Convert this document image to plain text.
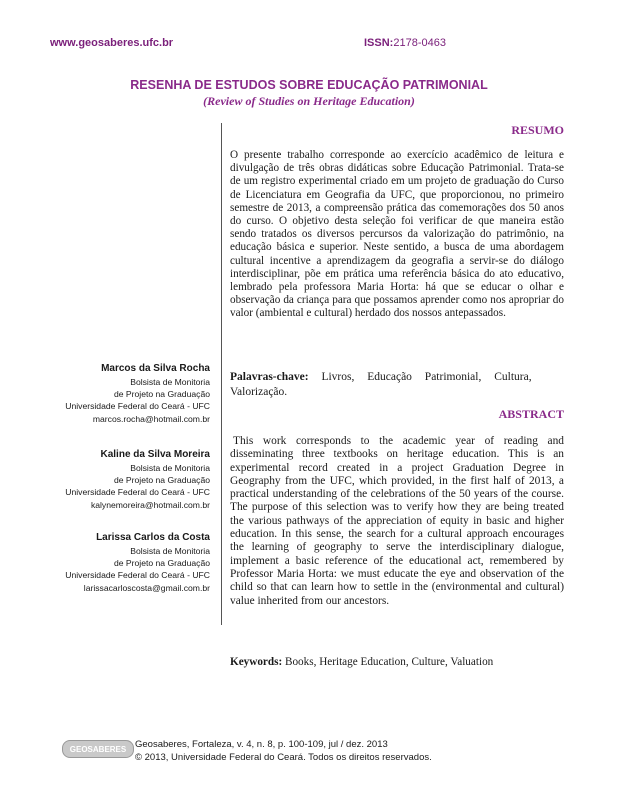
www.geosaberes.ufc.br	ISSN:2178-0463
RESENHA DE ESTUDOS SOBRE EDUCAÇÃO PATRIMONIAL
(Review of Studies on Heritage Education)
RESUMO
O presente trabalho corresponde ao exercício acadêmico de leitura e divulgação de três obras didáticas sobre Educação Patrimonial. Trata-se de um registro experimental criado em um projeto de graduação do Curso de Licenciatura em Geografia da UFC, que proporcionou, no primeiro semestre de 2013, a compreensão prática das comemorações dos 50 anos do curso. O objetivo desta seleção foi verificar de que maneira estão sendo tratados os diversos percursos da valorização do patrimônio, na educação básica e superior. Neste sentido, a busca de uma abordagem cultural incentive a aprendizagem da geografia a servir-se do diálogo interdisciplinar, põe em prática uma referência básica do ato educativo, lembrado pela professora Maria Horta: há que se educar o olhar e observação da criança para que possamos aprender como nos apropriar do valor (ambiental e cultural) herdado dos nossos antepassados.
Palavras-chave: Livros, Educação Patrimonial, Cultura, Valorização.
ABSTRACT
This work corresponds to the academic year of reading and disseminating three textbooks on heritage education. This is an experimental record created in a project Graduation Degree in Geography from the UFC, which provided, in the first half of 2013, a practical understanding of the celebrations of the 50 years of the course. The purpose of this selection was to verify how they are being treated the various pathways of the appreciation of equity in basic and higher education. In this sense, the search for a cultural approach encourages the learning of geography to serve the interdisciplinary dialogue, implement a basic reference of the educational act, remembered by Professor Maria Horta: we must educate the eye and observation of the child so that can learn how to settle in the (environmental and cultural) value inherited from our ancestors.
Keywords: Books, Heritage Education, Culture, Valuation
Marcos da Silva Rocha
Bolsista de Monitoria
de Projeto na Graduação
Universidade Federal do Ceará - UFC
marcos.rocha@hotmail.com.br
Kaline da Silva Moreira
Bolsista de Monitoria
de Projeto na Graduação
Universidade Federal do Ceará - UFC
kalynemoreira@hotmail.com.br
Larissa Carlos da Costa
Bolsista de Monitoria
de Projeto na Graduação
Universidade Federal do Ceará - UFC
larissacarloscosta@gmail.com.br
GEOSABERES Geosaberes, Fortaleza, v. 4, n. 8, p. 100-109, jul / dez. 2013
© 2013, Universidade Federal do Ceará. Todos os direitos reservados.
